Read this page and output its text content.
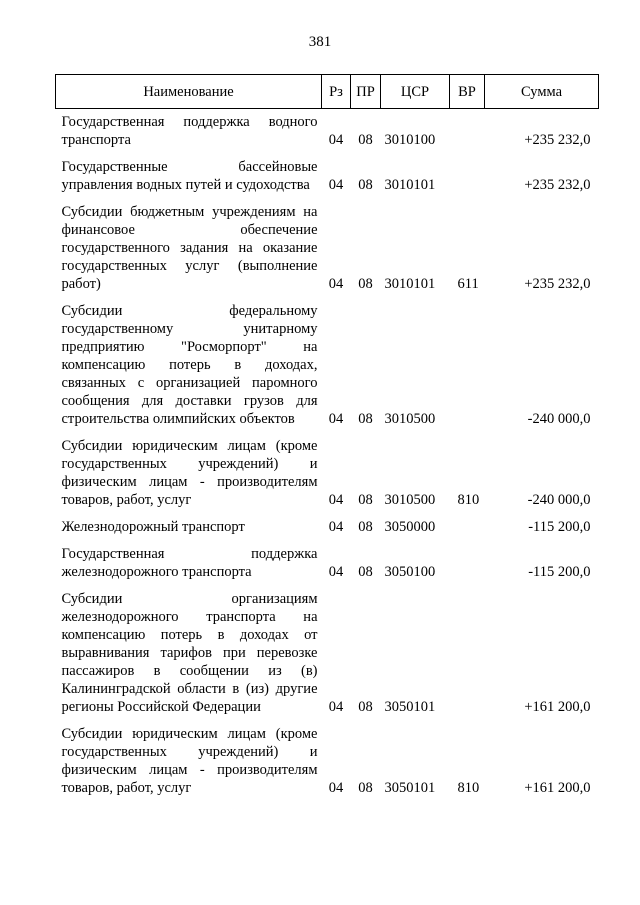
381
Наименование	Рз	ПР	ЦСР	ВР	Сумма
Государственная поддержка водного транспорта	04	08	3010100		+235 232,0
Государственные бассейновые управления водных путей и судоходства	04	08	3010101		+235 232,0
Субсидии бюджетным учреждениям на финансовое обеспечение государственного задания на оказание государственных услуг (выполнение работ)	04	08	3010101	611	+235 232,0
Субсидии федеральному государственному унитарному предприятию "Росморпорт" на компенсацию потерь в доходах, связанных с организацией паромного сообщения для доставки грузов для строительства олимпийских объектов	04	08	3010500		-240 000,0
Субсидии юридическим лицам (кроме государственных учреждений) и физическим лицам - производителям товаров, работ, услуг	04	08	3010500	810	-240 000,0
Железнодорожный транспорт	04	08	3050000		-115 200,0
Государственная поддержка железнодорожного транспорта	04	08	3050100		-115 200,0
Субсидии организациям железнодорожного транспорта на компенсацию потерь в доходах от выравнивания тарифов при перевозке пассажиров в сообщении из (в) Калининградской области в (из) другие регионы Российской Федерации	04	08	3050101		+161 200,0
Субсидии юридическим лицам (кроме государственных учреждений) и физическим лицам - производителям товаров, работ, услуг	04	08	3050101	810	+161 200,0
